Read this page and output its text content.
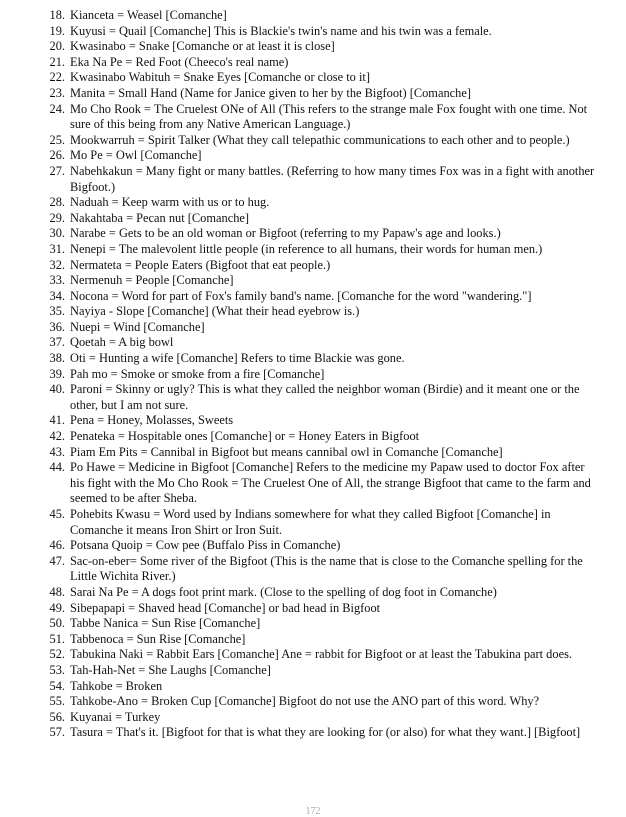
18. Kianceta = Weasel [Comanche]
19. Kuyusi = Quail [Comanche] This is Blackie's twin's name and his twin was a female.
20. Kwasinabo = Snake [Comanche or at least it is close]
21. Eka Na Pe = Red Foot (Cheeco's real name)
22. Kwasinabo Wabituh = Snake Eyes [Comanche or close to it]
23. Manita = Small Hand (Name for Janice given to her by the Bigfoot) [Comanche]
24. Mo Cho Rook = The Cruelest ONe of All (This refers to the strange male Fox fought with one time. Not sure of this being from any Native American Language.)
25. Mookwarruh = Spirit Talker (What they call telepathic communications to each other and to people.)
26. Mo Pe = Owl [Comanche]
27. Nabehkakun = Many fight or many battles. (Referring to how many times Fox was in a fight with another Bigfoot.)
28. Naduah = Keep warm with us or to hug.
29. Nakahtaba = Pecan nut [Comanche]
30. Narabe = Gets to be an old woman or Bigfoot (referring to my Papaw's age and looks.)
31. Nenepi = The malevolent little people (in reference to all humans, their words for human men.)
32. Nermateta = People Eaters (Bigfoot that eat people.)
33. Nermenuh = People [Comanche]
34. Nocona = Word for part of Fox's family band's name. [Comanche for the word "wandering."]
35. Nayiya - Slope [Comanche] (What their head eyebrow is.)
36. Nuepi = Wind [Comanche]
37. Qoetah = A big bowl
38. Oti = Hunting a wife [Comanche] Refers to time Blackie was gone.
39. Pah mo = Smoke or smoke from a fire [Comanche]
40. Paroni = Skinny or ugly? This is what they called the neighbor woman (Birdie) and it meant one or the other, but I am not sure.
41. Pena = Honey, Molasses, Sweets
42. Penateka = Hospitable ones [Comanche] or = Honey Eaters in Bigfoot
43. Piam Em Pits = Cannibal in Bigfoot but means cannibal owl in Comanche [Comanche]
44. Po Hawe = Medicine in Bigfoot [Comanche] Refers to the medicine my Papaw used to doctor Fox after his fight with the Mo Cho Rook = The Cruelest One of All, the strange Bigfoot that came to the farm and seemed to be after Sheba.
45. Pohebits Kwasu = Word used by Indians somewhere for what they called Bigfoot [Comanche] in Comanche it means Iron Shirt or Iron Suit.
46. Potsana Quoip = Cow pee (Buffalo Piss in Comanche)
47. Sac-on-eber= Some river of the Bigfoot (This is the name that is close to the Comanche spelling for the Little Wichita River.)
48. Sarai Na Pe = A dogs foot print mark. (Close to the spelling of dog foot in Comanche)
49. Sibepapapi = Shaved head [Comanche] or bad head in Bigfoot
50. Tabbe Nanica = Sun Rise [Comanche]
51. Tabbenoca = Sun Rise [Comanche]
52. Tabukina Naki = Rabbit Ears [Comanche] Ane = rabbit for Bigfoot or at least the Tabukina part does.
53. Tah-Hah-Net = She Laughs [Comanche]
54. Tahkobe = Broken
55. Tahkobe-Ano = Broken Cup [Comanche] Bigfoot do not use the ANO part of this word. Why?
56. Kuyanai = Turkey
57. Tasura = That's it. [Bigfoot for that is what they are looking for (or also) for what they want.] [Bigfoot]
172
